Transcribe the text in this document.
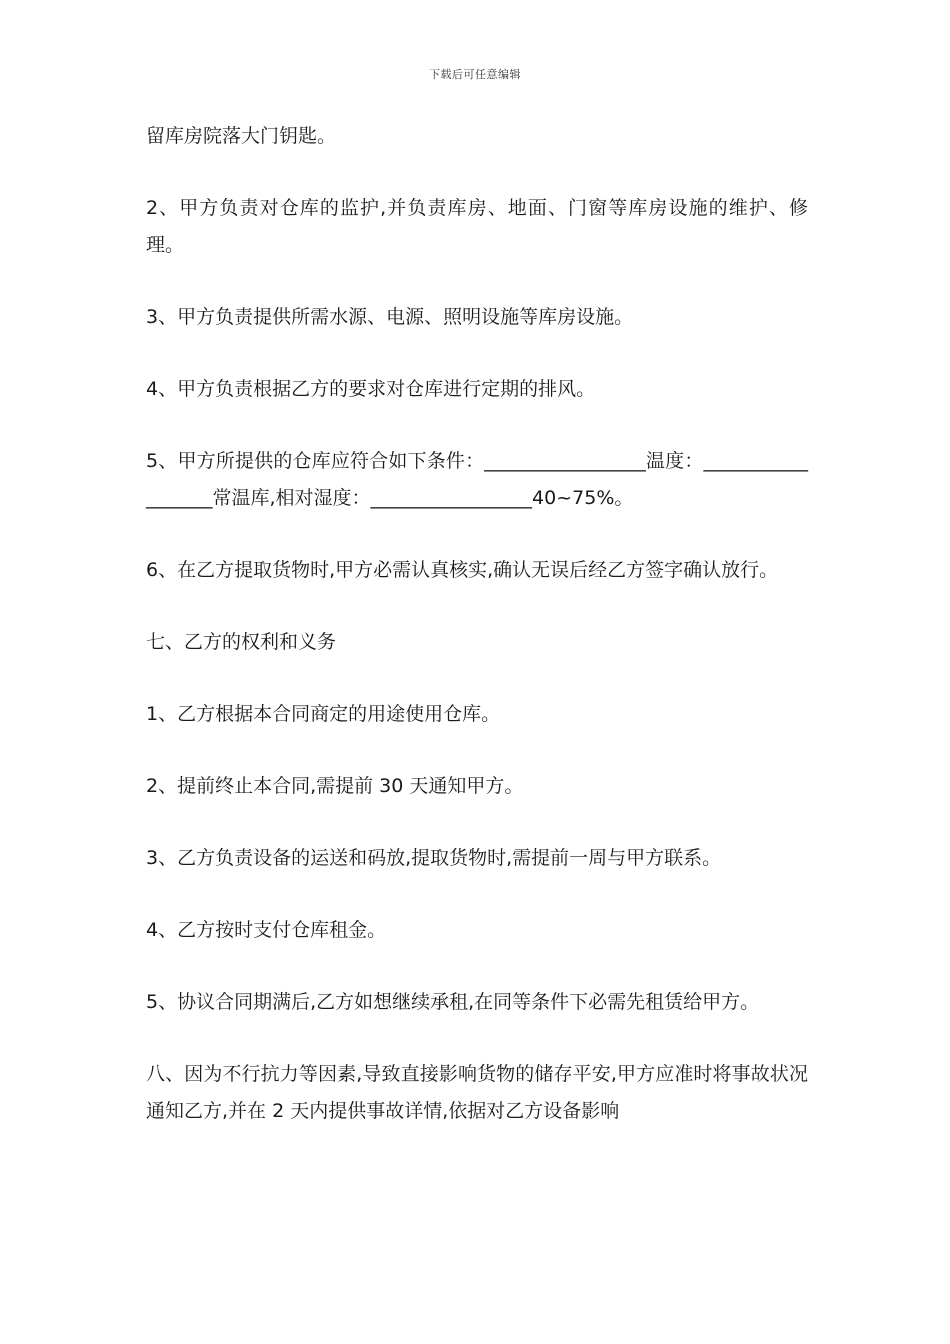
下载后可任意编辑

留库房院落大门钥匙。

2、甲方负责对仓库的监护,并负责库房、地面、门窗等库房设施的维护、修理。

3、甲方负责提供所需水源、电源、照明设施等库房设施。

4、甲方负责根据乙方的要求对仓库进行定期的排风。

5、甲方所提供的仓库应符合如下条件：_________________温度：__________________常温库,相对湿度：_________________40~75%。

6、在乙方提取货物时,甲方必需认真核实,确认无误后经乙方签字确认放行。

七、乙方的权利和义务

1、乙方根据本合同商定的用途使用仓库。

2、提前终止本合同,需提前 30 天通知甲方。

3、乙方负责设备的运送和码放,提取货物时,需提前一周与甲方联系。

4、乙方按时支付仓库租金。

5、协议合同期满后,乙方如想继续承租,在同等条件下必需先租赁给甲方。

八、因为不行抗力等因素,导致直接影响货物的储存平安,甲方应准时将事故状况通知乙方,并在 2 天内提供事故详情,依据对乙方设备影响
